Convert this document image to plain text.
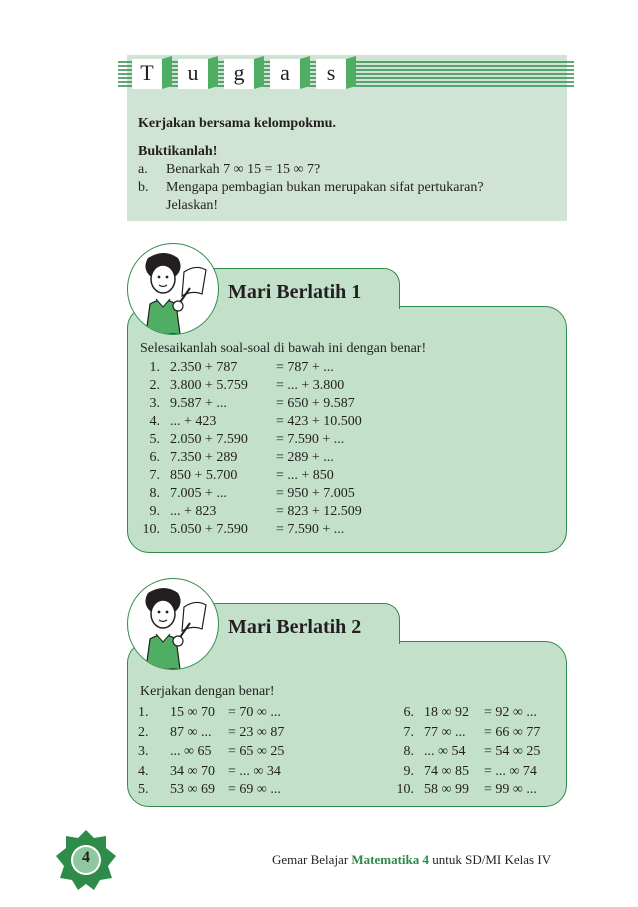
T	u	g	a	s
Kerjakan bersama kelompokmu.
Buktikanlah!
a. Benarkah 7 ∞ 15 = 15 ∞ 7?
b. Mengapa pembagian bukan merupakan sifat pertukaran?
Jelaskan!
Mari Berlatih 1
Selesaikanlah soal-soal di bawah ini dengan benar!
1. 2.350 + 787	= 787 + ...
2. 3.800 + 5.759 = ... + 3.800
3. 9.587 + ...	= 650 + 9.587
4. ... + 423	= 423 + 10.500
5. 2.050 + 7.590 = 7.590 + ...
6. 7.350 + 289	= 289 + ...
7. 850 + 5.700	= ... + 850
8. 7.005 + ...	= 950 + 7.005
9. ... + 823	= 823 + 12.509
10. 5.050 + 7.590 = 7.590 + ...
Mari Berlatih 2
Kerjakan dengan benar!
1. 15 ∞ 70 = 70 ∞ ...
2. 87 ∞ ... = 23 ∞ 87
3. ... ∞ 65 = 65 ∞ 25
4. 34 ∞ 70 = ... ∞ 34
5. 53 ∞ 69 = 69 ∞ ...
6. 18 ∞ 92 = 92 ∞ ...
7. 77 ∞ ... = 66 ∞ 77
8. ... ∞ 54 = 54 ∞ 25
9. 74 ∞ 85 = ... ∞ 74
10. 58 ∞ 99 = 99 ∞ ...
4	Gemar Belajar Matematika 4 untuk SD/MI Kelas IV
